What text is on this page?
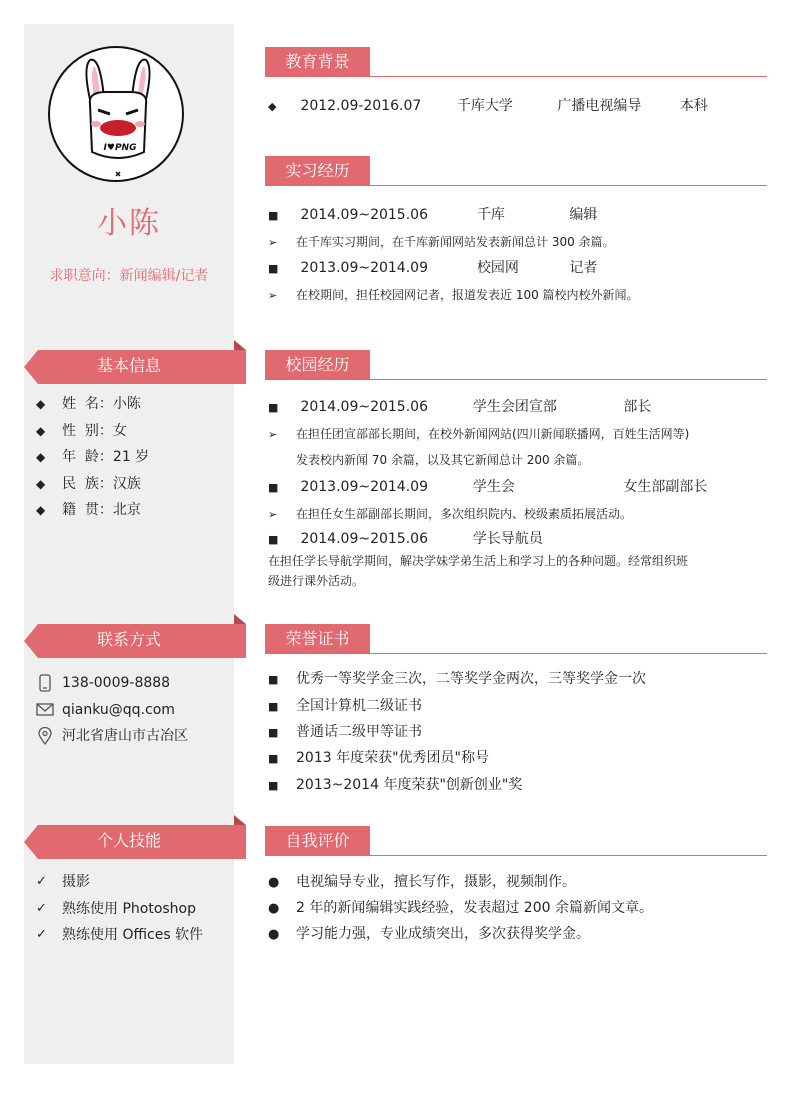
I♥PNG
小陈
求职意向：新闻编辑/记者
基本信息
◆	姓  名： 小陈
◆	性  别： 女
◆	年  龄： 21 岁
◆	民  族： 汉族
◆	籍  贯： 北京
联系方式
138-0009-8888
qianku@qq.com
河北省唐山市古冶区
个人技能
✓ 摄影
✓ 熟练使用 Photoshop
✓ 熟练使用 Offices 软件
教育背景
◆ 2012.09-2016.07	千库大学	广播电视编导	本科
实习经历
■ 2014.09~2015.06	千库	编辑
➢ 在千库实习期间，在千库新闻网站发表新闻总计 300 余篇。
■ 2013.09~2014.09	校园网	记者
➢ 在校期间，担任校园网记者，报道发表近 100 篇校内校外新闻。
校园经历
■ 2014.09~2015.06	学生会团宣部	部长
➢ 在担任团宣部部长期间，在校外新闻网站(四川新闻联播网，百姓生活网等)
发表校内新闻 70 余篇，以及其它新闻总计 200 余篇。
■ 2013.09~2014.09	学生会	女生部副部长
➢ 在担任女生部副部长期间，多次组织院内、校级素质拓展活动。
■ 2014.09~2015.06	学长导航员
在担任学长导航学期间，解决学妹学弟生活上和学习上的各种问题。经常组织班
级进行课外活动。
荣誉证书
■ 优秀一等奖学金三次，二等奖学金两次，三等奖学金一次
■ 全国计算机二级证书
■ 普通话二级甲等证书
■ 2013 年度荣获"优秀团员"称号
■ 2013~2014 年度荣获"创新创业"奖
自我评价
● 电视编导专业，擅长写作，摄影，视频制作。
● 2 年的新闻编辑实践经验，发表超过 200 余篇新闻文章。
● 学习能力强，专业成绩突出，多次获得奖学金。
